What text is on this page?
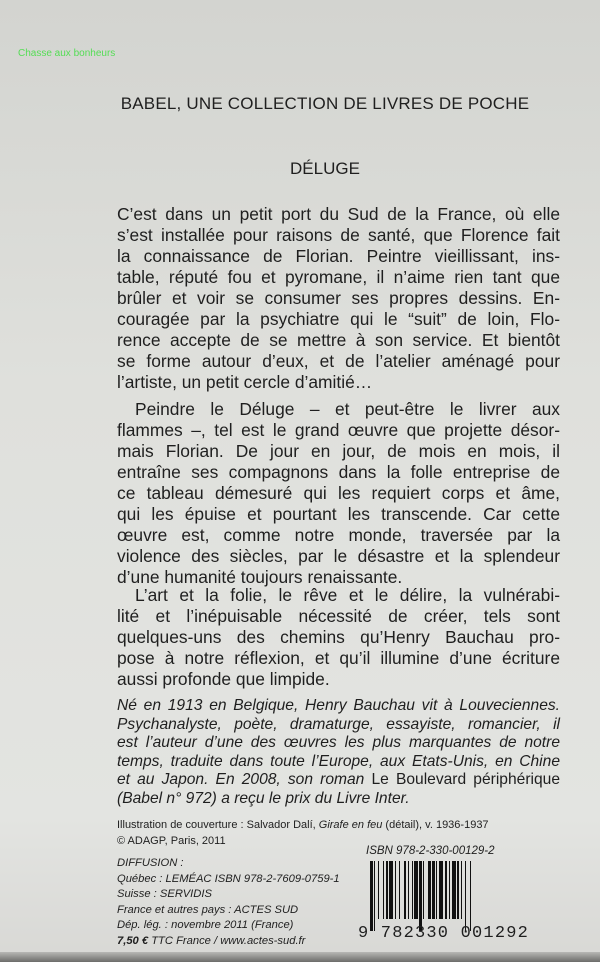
Chasse aux bonheurs
BABEL, UNE COLLECTION DE LIVRES DE POCHE
DÉLUGE
C’est dans un petit port du Sud de la France, où elle
s’est installée pour raisons de santé, que Florence fait
la connaissance de Florian. Peintre vieillissant, ins-
table, réputé fou et pyromane, il n’aime rien tant que
brûler et voir se consumer ses propres dessins. En-
couragée par la psychiatre qui le “suit” de loin, Flo-
rence accepte de se mettre à son service. Et bientôt
se forme autour d’eux, et de l’atelier aménagé pour
l’artiste, un petit cercle d’amitié…
Peindre le Déluge – et peut-être le livrer aux
flammes –, tel est le grand œuvre que projette désor-
mais Florian. De jour en jour, de mois en mois, il
entraîne ses compagnons dans la folle entreprise de
ce tableau démesuré qui les requiert corps et âme,
qui les épuise et pourtant les transcende. Car cette
œuvre est, comme notre monde, traversée par la
violence des siècles, par le désastre et la splendeur
d’une humanité toujours renaissante.
L’art et la folie, le rêve et le délire, la vulnérabi-
lité et l’inépuisable nécessité de créer, tels sont
quelques-uns des chemins qu’Henry Bauchau pro-
pose à notre réflexion, et qu’il illumine d’une écriture
aussi profonde que limpide.
Né en 1913 en Belgique, Henry Bauchau vit à Louveciennes.
Psychanalyste, poète, dramaturge, essayiste, romancier, il
est l’auteur d’une des œuvres les plus marquantes de notre
temps, traduite dans toute l’Europe, aux Etats-Unis, en Chine
et au Japon. En 2008, son roman Le Boulevard périphérique
(Babel n° 972) a reçu le prix du Livre Inter.
Illustration de couverture : Salvador Dalí, Girafe en feu (détail), v. 1936-1937
© ADAGP, Paris, 2011
DIFFUSION :
Québec : LEMÉAC ISBN 978-2-7609-0759-1
Suisse : SERVIDIS
France et autres pays : ACTES SUD
Dép. lég. : novembre 2011 (France)
7,50 € TTC France / www.actes-sud.fr
ISBN 978-2-330-00129-2
9 782330 001292
